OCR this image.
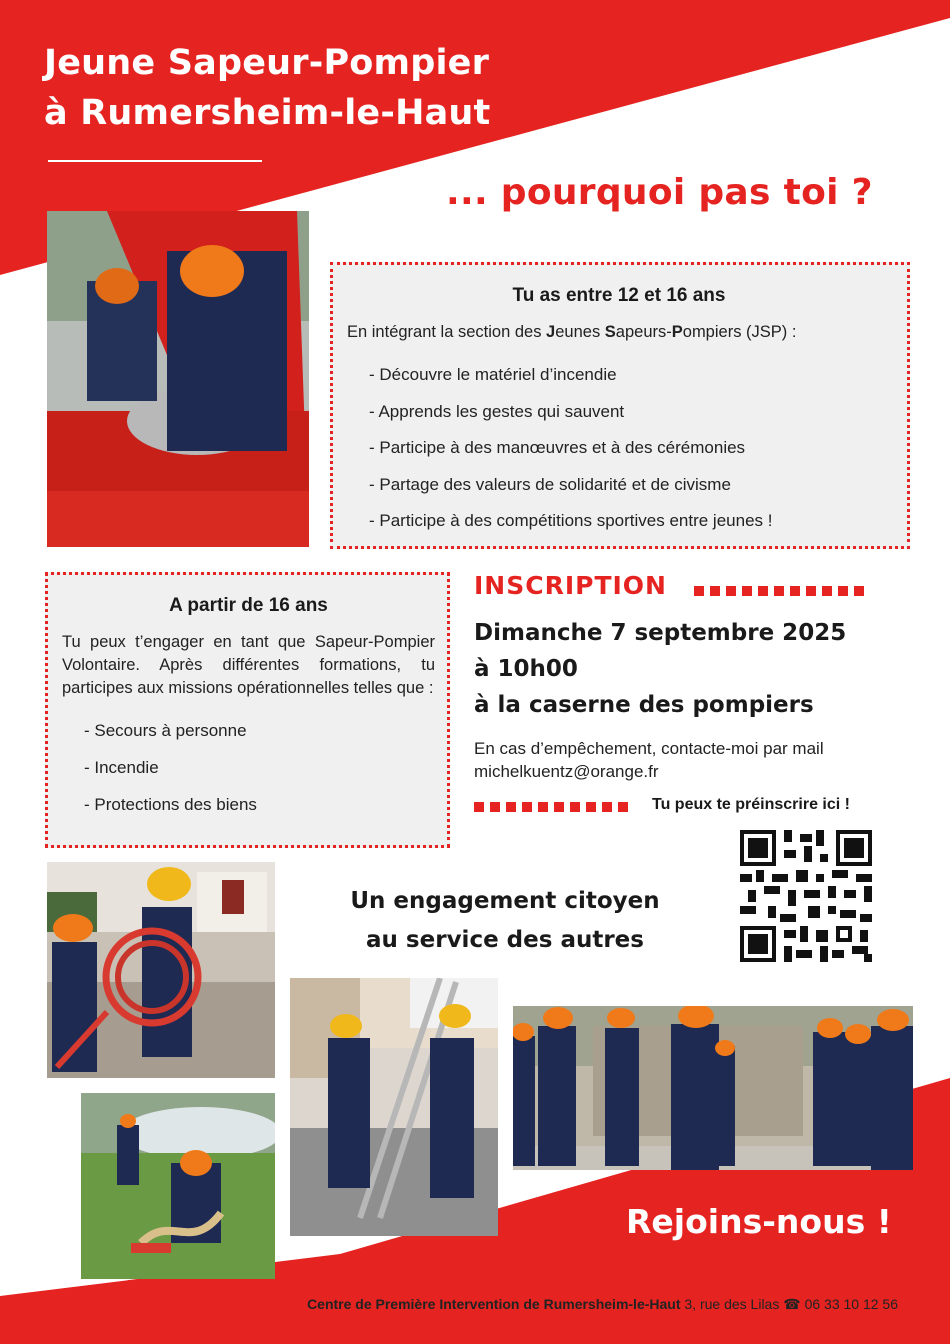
Jeune Sapeur-Pompier
à Rumersheim-le-Haut
... pourquoi pas toi ?
Tu as entre 12 et 16 ans

En intégrant la section des Jeunes Sapeurs-Pompiers (JSP) :

- Découvre le matériel d’incendie
- Apprends les gestes qui sauvent
- Participe à des manœuvres et à des cérémonies
- Partage des valeurs de solidarité et de civisme
- Participe à des compétitions sportives entre jeunes !
A partir de 16 ans

Tu peux t’engager en tant que Sapeur-Pompier Volontaire. Après différentes formations, tu participes aux missions opérationnelles telles que :

- Secours à personne
- Incendie
- Protections des biens
INSCRIPTION
Dimanche 7 septembre 2025
à 10h00
à la caserne des pompiers
En cas d’empêchement, contacte-moi par mail
michelkuentz@orange.fr
Tu peux te préinscrire ici !
Un engagement citoyen
au service des autres
Rejoins-nous !
Centre de Première Intervention de Rumersheim-le-Haut 3, rue des Lilas ☎ 06 33 10 12 56
